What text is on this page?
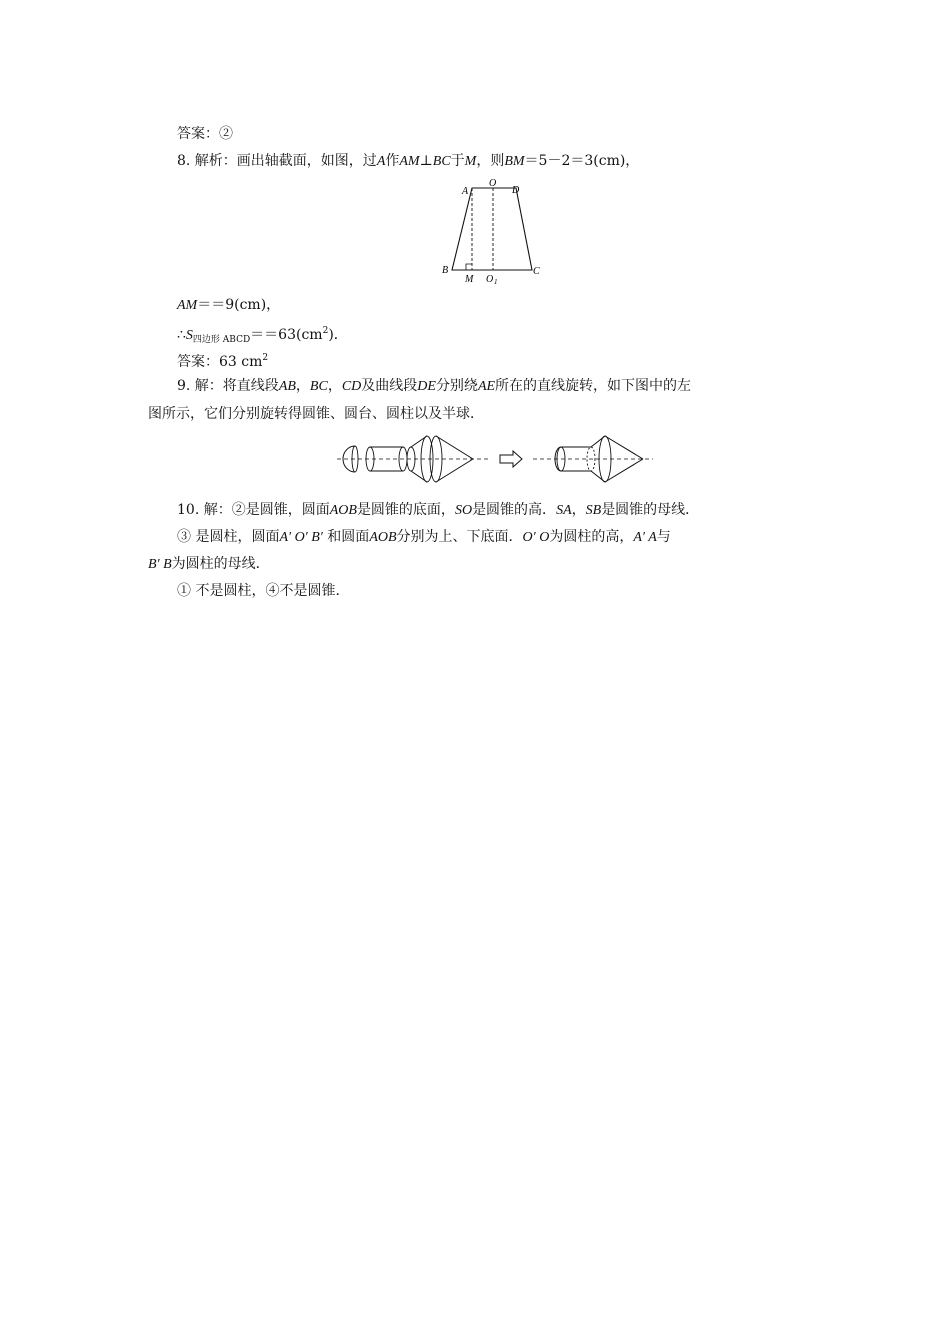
答案：②
8. 解析：画出轴截面，如图，过A作AM⊥BC于M，则BM＝5－2＝3(cm)，
A
O
D
B
M O 1
C
AM＝＝9(cm)，
$\therefore S_{四边形 ABCD}==63(cm^2)$．
答案：63 $cm^2$
9. 解：将直线段AB，BC，CD及曲线段DE分别绕AE所在的直线旋转，如下图中的左
图所示，它们分别旋转得圆锥、圆台、圆柱以及半球．
10. 解：②是圆锥，圆面AOB是圆锥的底面，SO是圆锥的高．SA，SB是圆锥的母线．
③ 是圆柱，圆面A′ O′ B′ 和圆面AOB分别为上、下底面．O′ O为圆柱的高，A′ A与
B′ B为圆柱的母线．
① 不是圆柱，④不是圆锥．
